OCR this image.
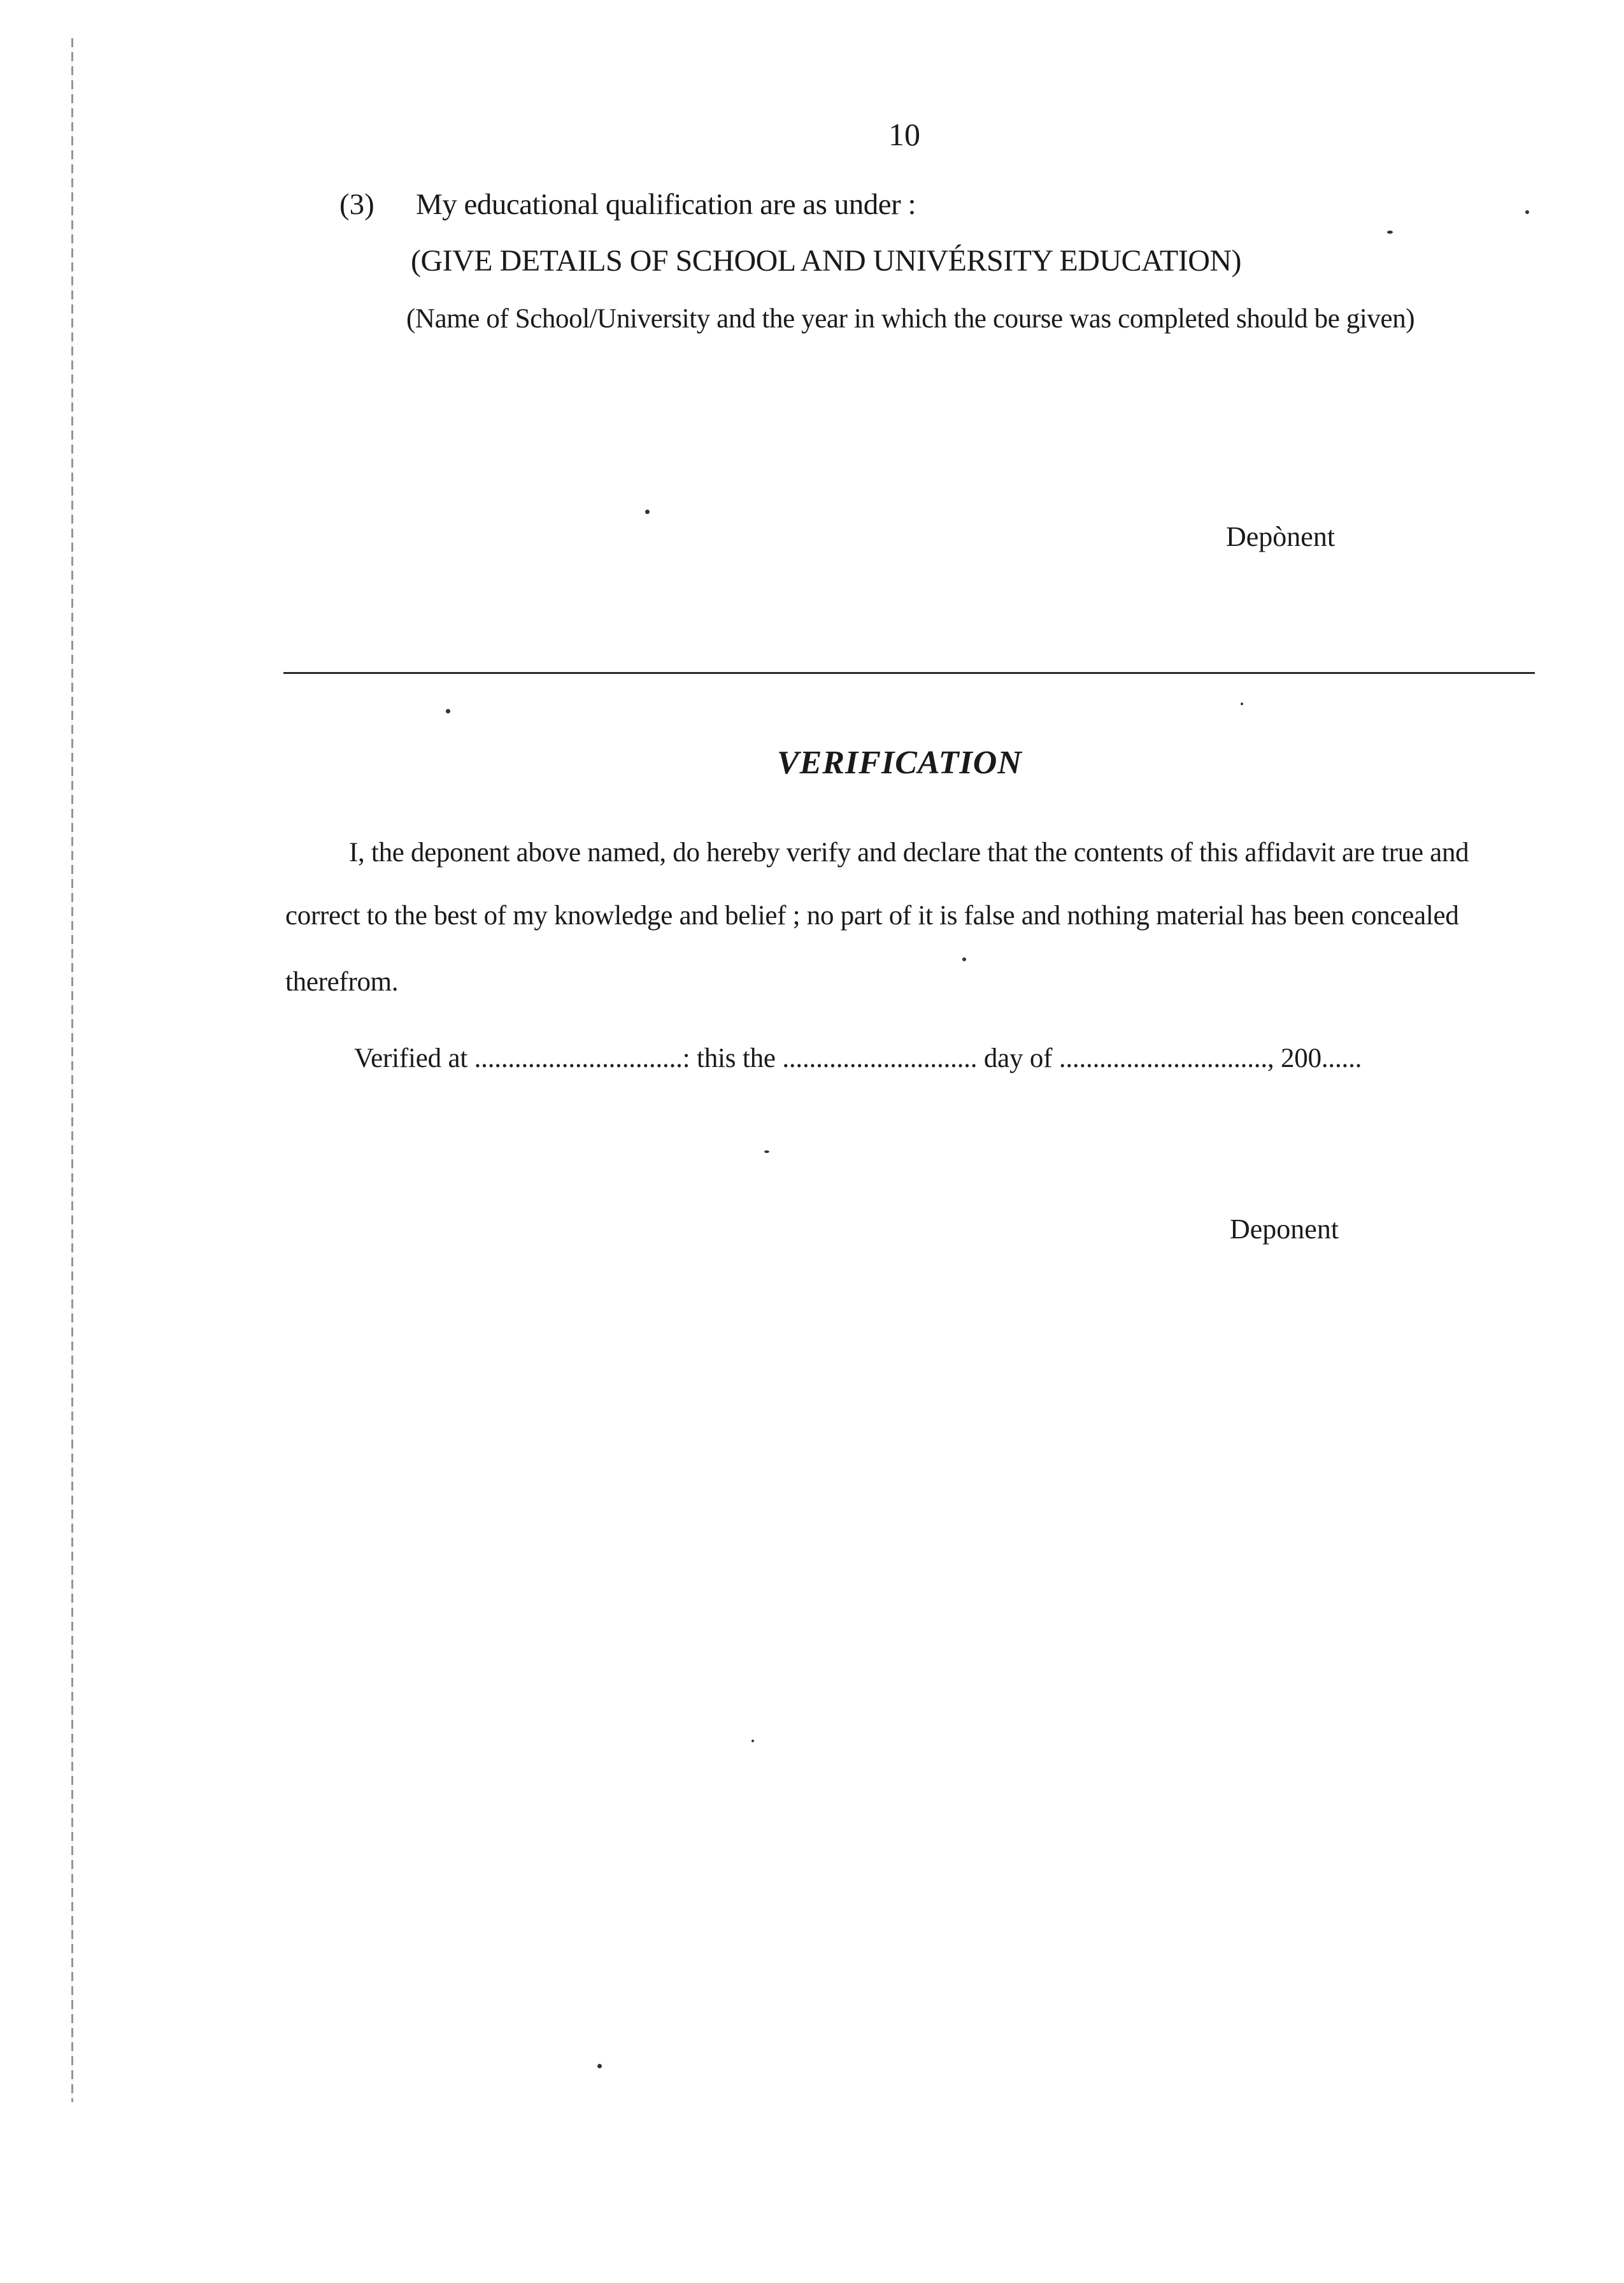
10
(3) My educational qualification are as under :
(GIVE DETAILS OF SCHOOL AND UNIVÉRSITY EDUCATION)
(Name of School/University and the year in which the course was completed should be given)
Depònent
VERIFICATION
I, the deponent above named, do hereby verify and declare that the contents of this affidavit are true and
correct to the best of my knowledge and belief ; no part of it is false and nothing material has been concealed
therefrom.
Verified at ...............................: this the ............................. day of ..............................., 200......
Deponent
